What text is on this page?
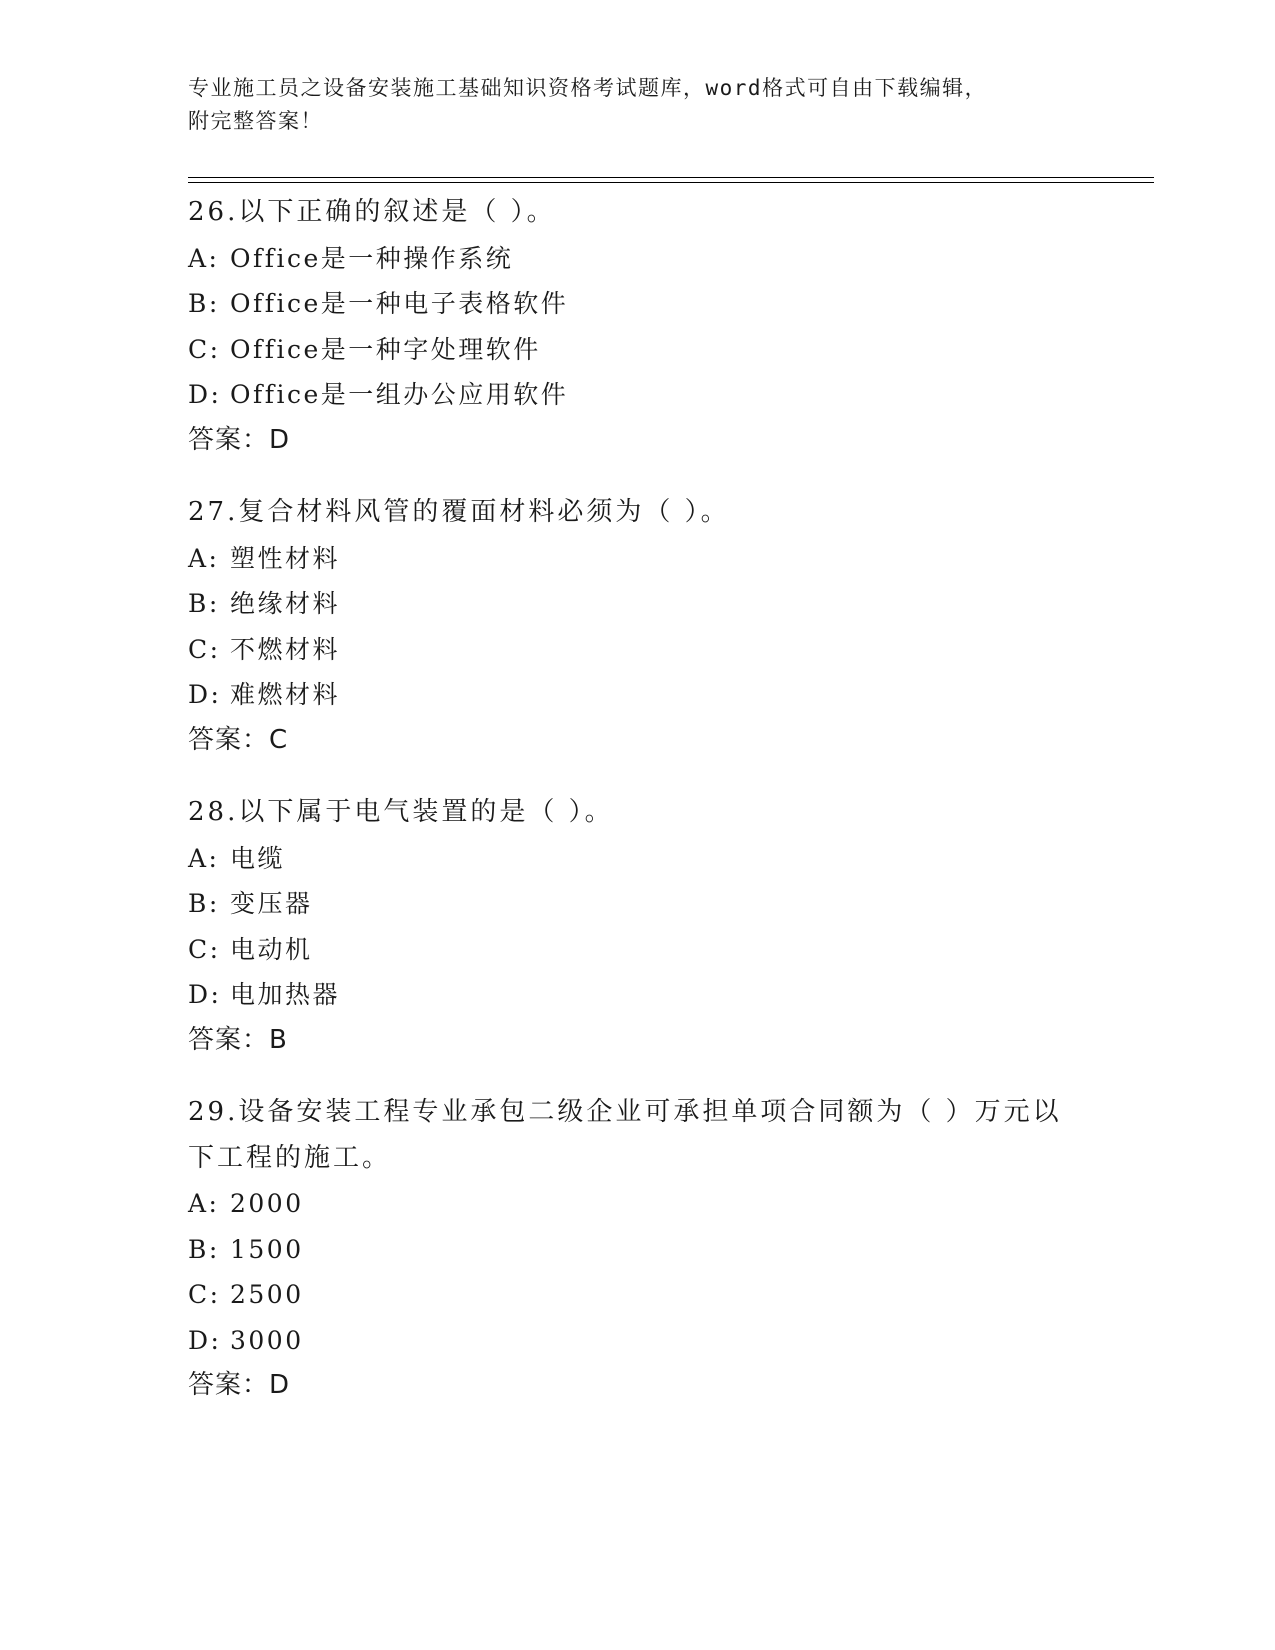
专业施工员之设备安装施工基础知识资格考试题库，word格式可自由下载编辑，
附完整答案！
26.以下正确的叙述是（ ）。
A: Office是一种操作系统
B: Office是一种电子表格软件
C: Office是一种字处理软件
D: Office是一组办公应用软件
答案：D
27.复合材料风管的覆面材料必须为（ ）。
A: 塑性材料
B: 绝缘材料
C: 不燃材料
D: 难燃材料
答案：C
28.以下属于电气装置的是（ ）。
A: 电缆
B: 变压器
C: 电动机
D: 电加热器
答案：B
29.设备安装工程专业承包二级企业可承担单项合同额为（ ）万元以
下工程的施工。
A: 2000
B: 1500
C: 2500
D: 3000
答案：D
